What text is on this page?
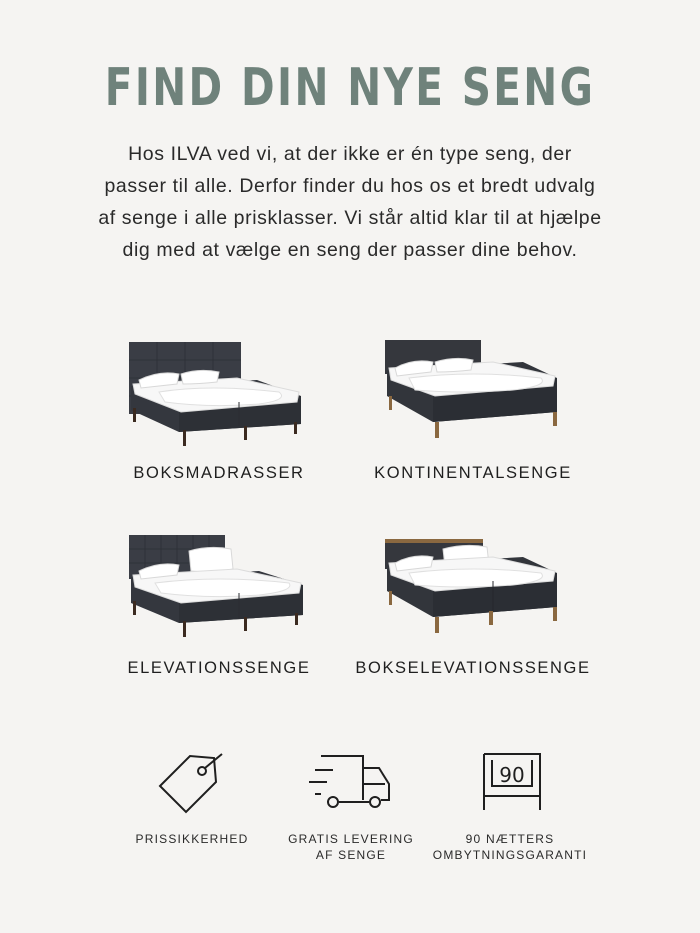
FIND DIN NYE SENG

Hos ILVA ved vi, at der ikke er én type seng, der
passer til alle. Derfor finder du hos os et bredt udvalg
af senge i alle prisklasser. Vi står altid klar til at hjælpe
dig med at vælge en seng der passer dine behov.

BOKSMADRASSER	KONTINENTALSENGE
ELEVATIONSSENGE	BOKSELEVATIONSSENGE
PRISSIKKERHED	GRATIS LEVERING
AF SENGE
90
90 NÆTTERS
OMBYTNINGSGARANTI
